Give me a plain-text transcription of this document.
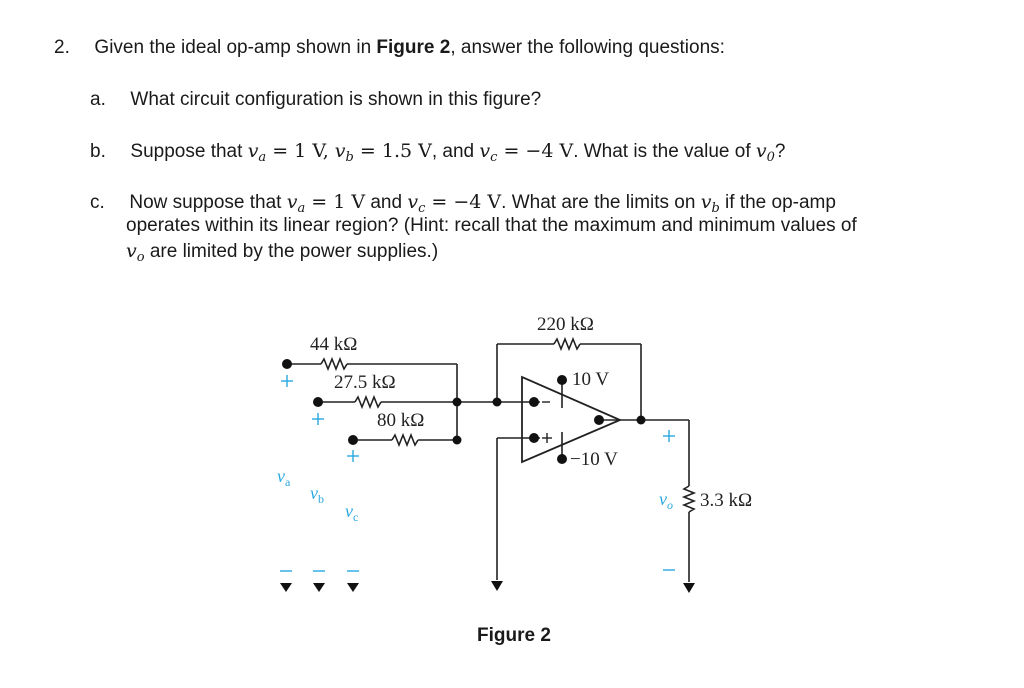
2. Given the ideal op-amp shown in Figure 2, answer the following questions:
a. What circuit configuration is shown in this figure?
b. Suppose that $v_a = 1$ V, $v_b = 1.5$ V, and $v_c = -4$ V. What is the value of $v_0$?
c. Now suppose that $v_a = 1$ V and $v_c = -4$ V. What are the limits on $v_b$ if the op-amp
operates within its linear region? (Hint: recall that the maximum and minimum values of
$v_o$ are limited by the power supplies.)
44 kΩ
27.5 kΩ
80 kΩ
220 kΩ
3.3 kΩ
10 V
−10 V
$v_a$
$v_b$
$v_c$
$v_o$
Figure 2
